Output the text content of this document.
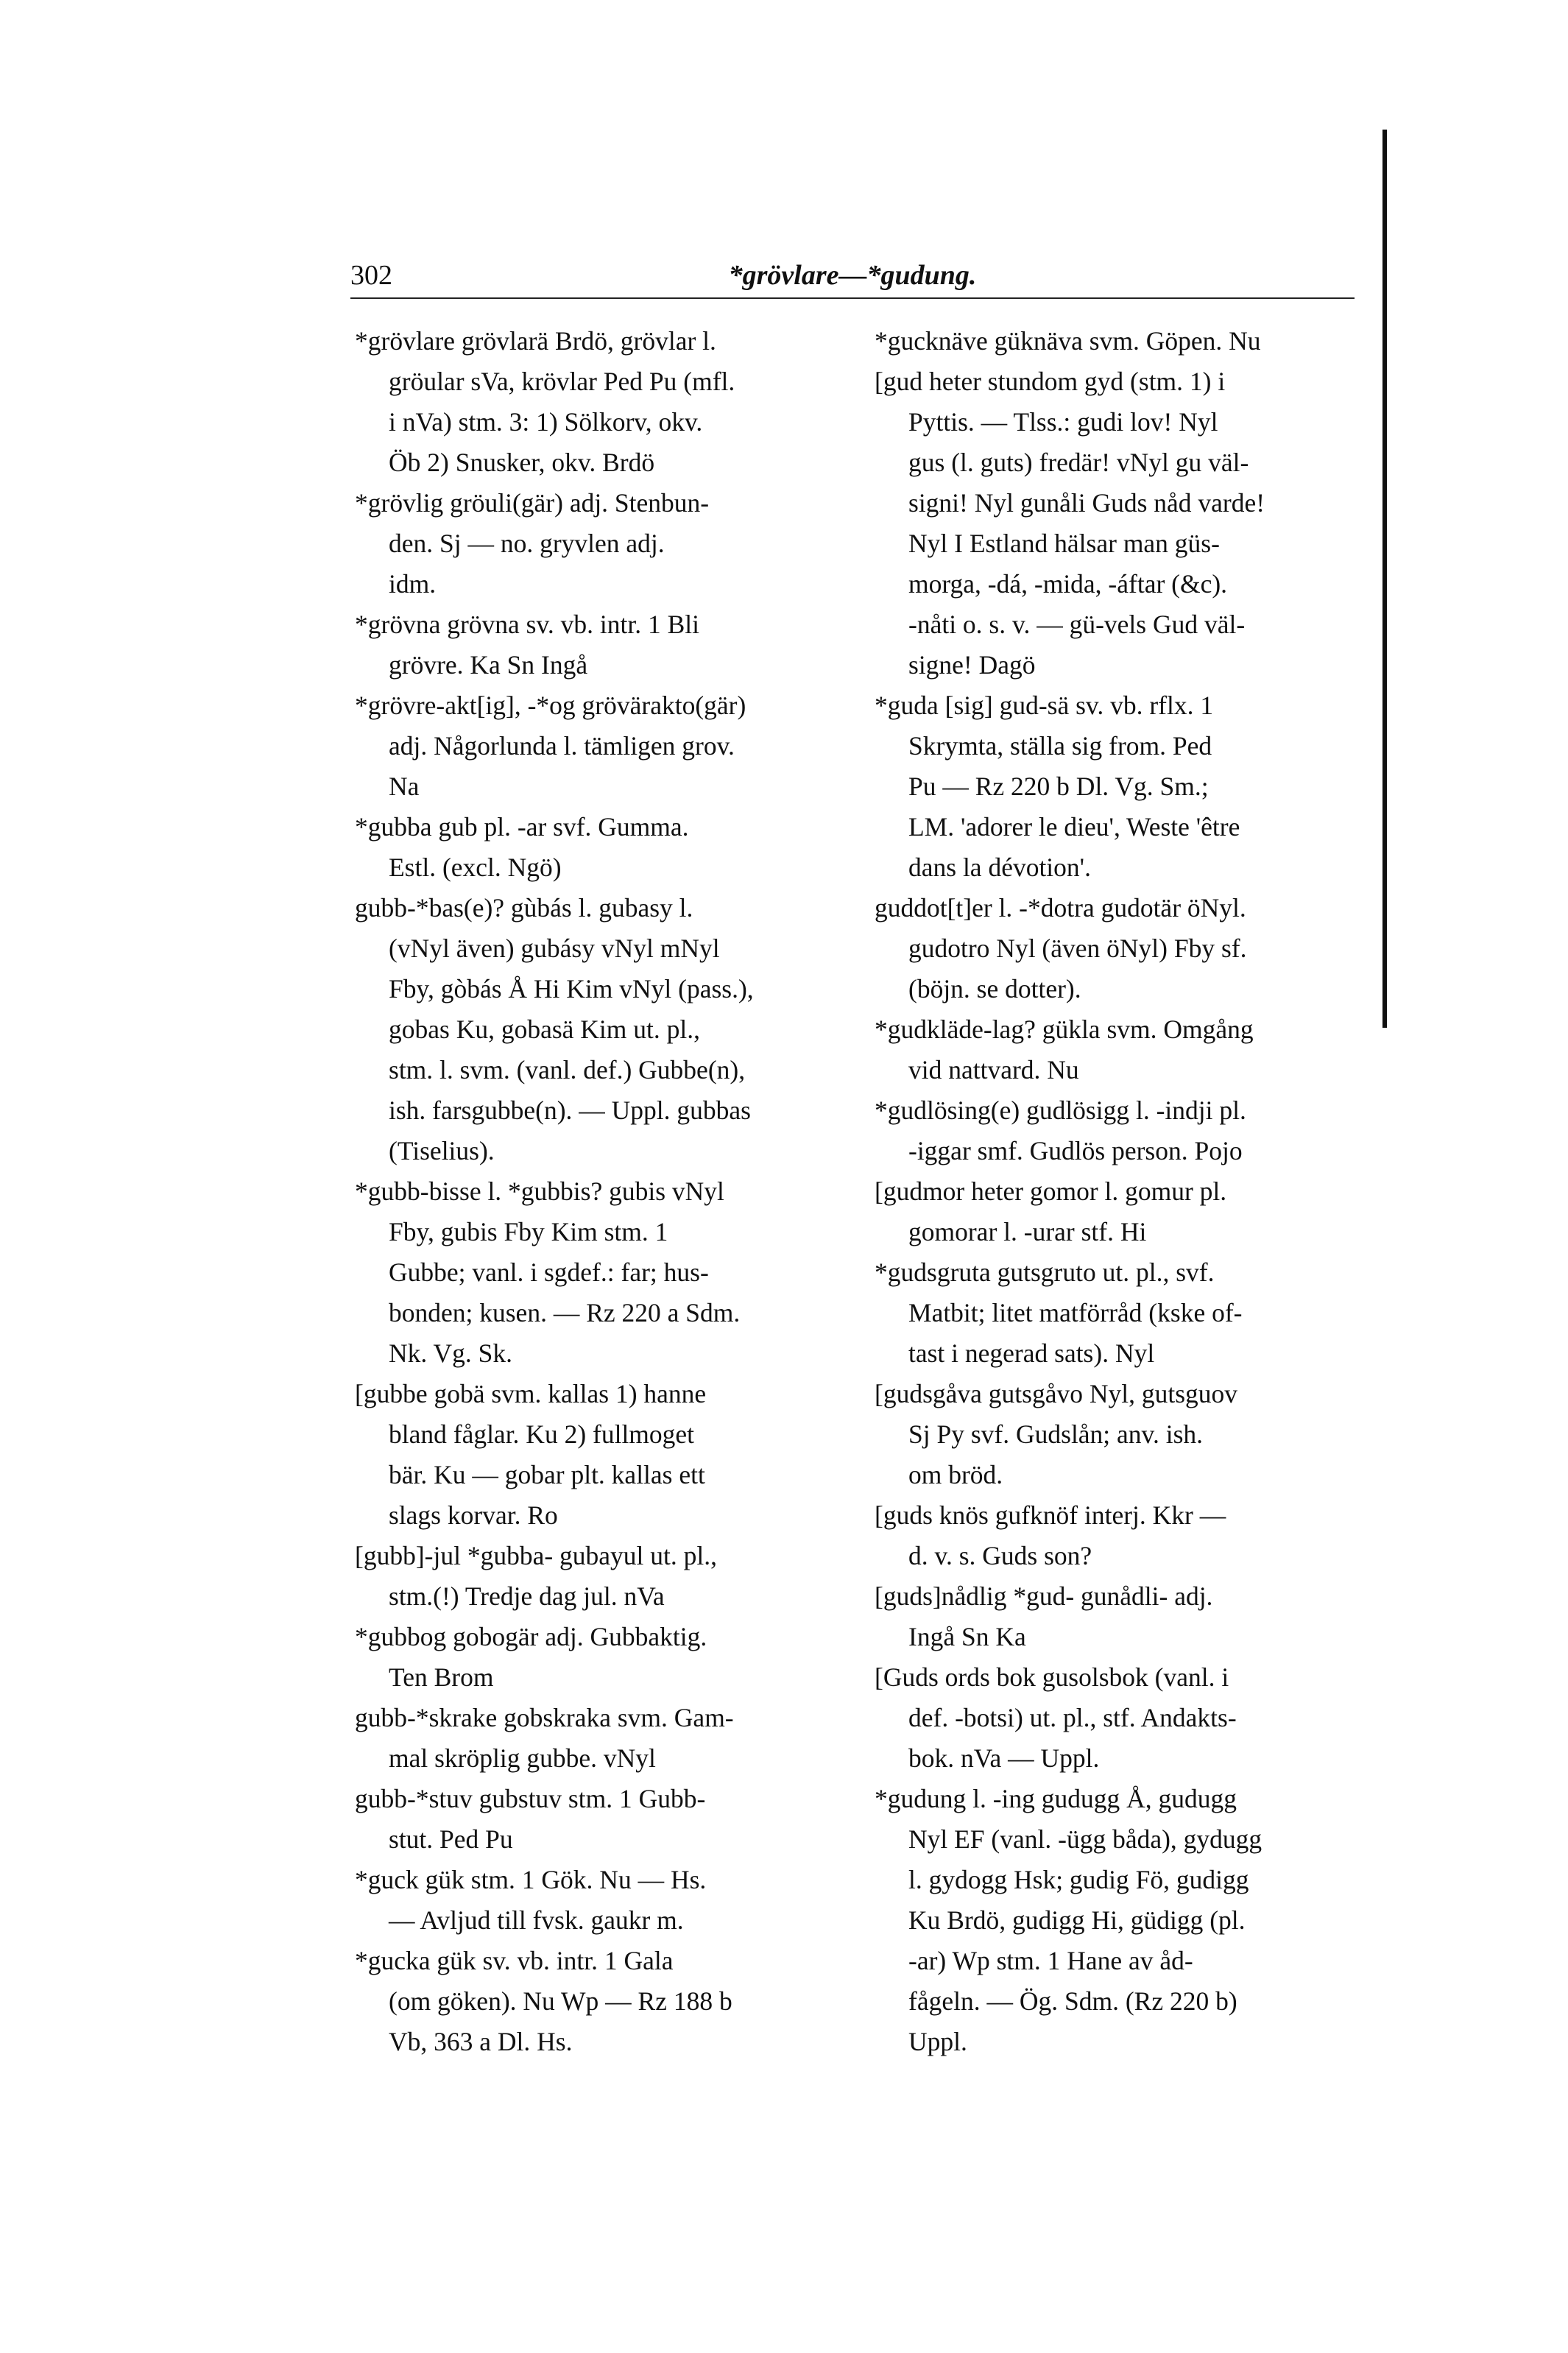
302	*grövlare—*gudung.
*grövlare grövlarä Brdö, grövlar l.
gröular sVa, krövlar Ped Pu (mfl.
i nVa) stm. 3: 1) Sölkorv, okv.
Öb 2) Snusker, okv. Brdö
*grövlig gröuli(gär) adj. Stenbun-
den. Sj — no. gryvlen adj.
idm.
*grövna grövna sv. vb. intr. 1 Bli
grövre. Ka Sn Ingå
*grövre-akt[ig], -*og grövärakto(gär)
adj. Någorlunda l. tämligen grov.
Na
*gubba gub pl. -ar svf. Gumma.
Estl. (excl. Ngö)
gubb-*bas(e)? gùbás l. gubasy l.
(vNyl även) gubásy vNyl mNyl
Fby, gòbás Å Hi Kim vNyl (pass.),
gobas Ku, gobasä Kim ut. pl.,
stm. l. svm. (vanl. def.) Gubbe(n),
ish. farsgubbe(n). — Uppl. gubbas
(Tiselius).
*gubb-bisse l. *gubbis? gubis vNyl
Fby, gubis Fby Kim stm. 1
Gubbe; vanl. i sgdef.: far; hus-
bonden; kusen. — Rz 220 a Sdm.
Nk. Vg. Sk.
[gubbe gobä svm. kallas 1) hanne
bland fåglar. Ku 2) fullmoget
bär. Ku — gobar plt. kallas ett
slags korvar. Ro
[gubb]-jul *gubba- gubayul ut. pl.,
stm.(!) Tredje dag jul. nVa
*gubbog gobogär adj. Gubbaktig.
Ten Brom
gubb-*skrake gobskraka svm. Gam-
mal skröplig gubbe. vNyl
gubb-*stuv gubstuv stm. 1 Gubb-
stut. Ped Pu
*guck gük stm. 1 Gök. Nu — Hs.
— Avljud till fvsk. gaukr m.
*gucka gük sv. vb. intr. 1 Gala
(om göken). Nu Wp — Rz 188 b
Vb, 363 a Dl. Hs.
*gucknäve güknäva svm. Göpen. Nu
[gud heter stundom gyd (stm. 1) i
Pyttis. — Tlss.: gudi lov! Nyl
gus (l. guts) fredär! vNyl gu väl-
signi! Nyl gunåli Guds nåd varde!
Nyl I Estland hälsar man güs-
morga, -dá, -mida, -áftar (&c).
-nåti o. s. v. — gü-vels Gud väl-
signe! Dagö
*guda [sig] gud-sä sv. vb. rflx. 1
Skrymta, ställa sig from. Ped
Pu — Rz 220 b Dl. Vg. Sm.;
LM. 'adorer le dieu', Weste 'être
dans la dévotion'.
guddot[t]er l. -*dotra gudotär öNyl.
gudotro Nyl (även öNyl) Fby sf.
(böjn. se dotter).
*gudkläde-lag? gükla svm. Omgång
vid nattvard. Nu
*gudlösing(e) gudlösigg l. -indji pl.
-iggar smf. Gudlös person. Pojo
[gudmor heter gomor l. gomur pl.
gomorar l. -urar stf. Hi
*gudsgruta gutsgruto ut. pl., svf.
Matbit; litet matförråd (kske of-
tast i negerad sats). Nyl
[gudsgåva gutsgåvo Nyl, gutsguov
Sj Py svf. Gudslån; anv. ish.
om bröd.
[guds knös gufknöf interj. Kkr —
d. v. s. Guds son?
[guds]nådlig *gud- gunådli- adj.
Ingå Sn Ka
[Guds ords bok gusolsbok (vanl. i
def. -botsi) ut. pl., stf. Andakts-
bok. nVa — Uppl.
*gudung l. -ing gudugg Å, gudugg
Nyl EF (vanl. -ügg båda), gydugg
l. gydogg Hsk; gudig Fö, gudigg
Ku Brdö, gudigg Hi, güdigg (pl.
-ar) Wp stm. 1 Hane av åd-
fågeln. — Ög. Sdm. (Rz 220 b)
Uppl.
